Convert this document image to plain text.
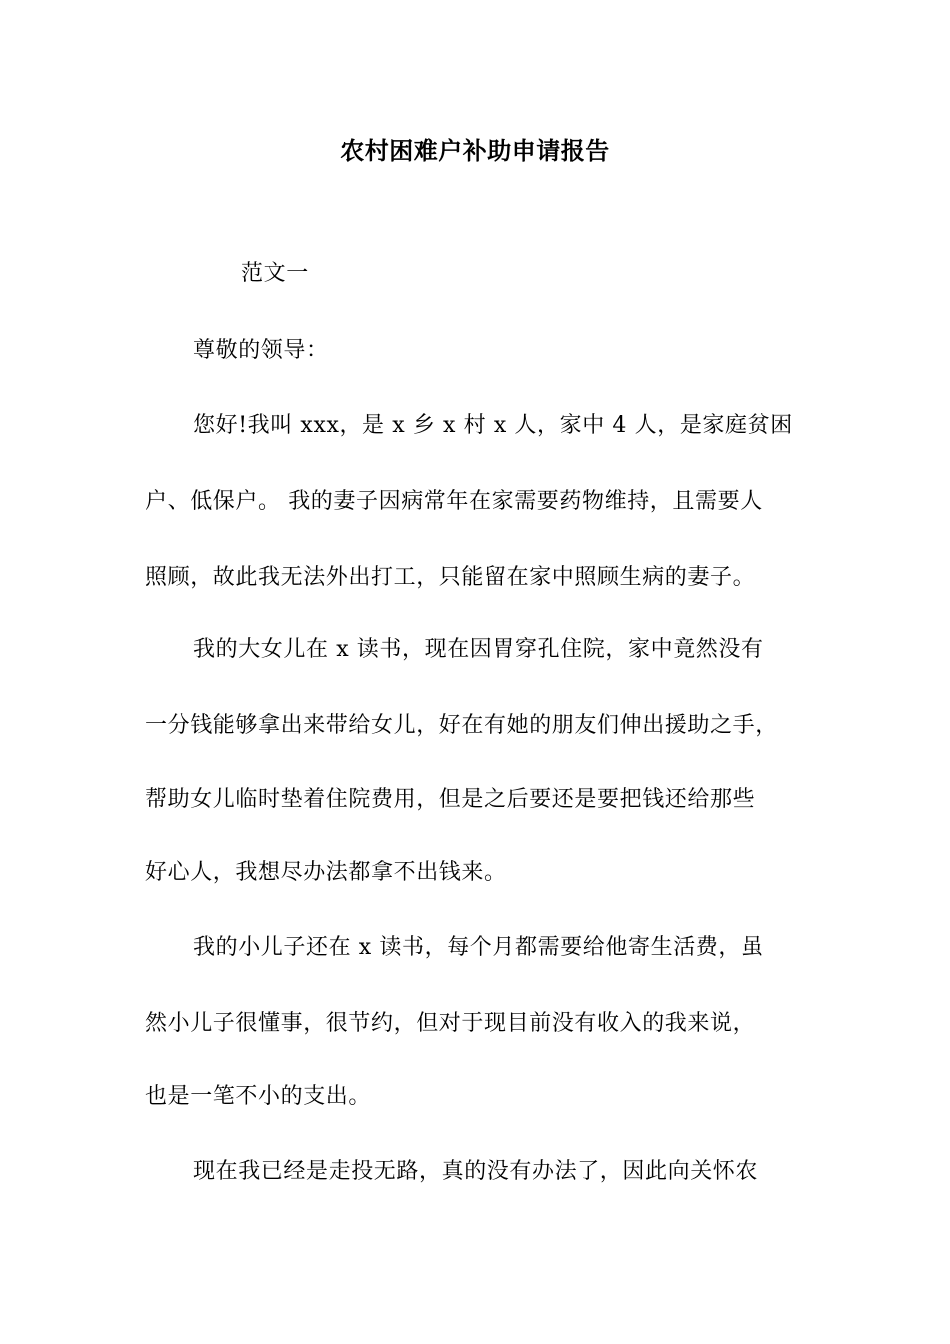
农村困难户补助申请报告
范文一
尊敬的领导：
您好!我叫 xxx，是 x 乡 x 村 x 人，家中 4 人，是家庭贫困
户、低保户。 我的妻子因病常年在家需要药物维持，且需要人
照顾，故此我无法外出打工，只能留在家中照顾生病的妻子。
我的大女儿在 x 读书，现在因胃穿孔住院，家中竟然没有
一分钱能够拿出来带给女儿，好在有她的朋友们伸出援助之手，
帮助女儿临时垫着住院费用，但是之后要还是要把钱还给那些
好心人，我想尽办法都拿不出钱来。
我的小儿子还在 x 读书，每个月都需要给他寄生活费，虽
然小儿子很懂事，很节约，但对于现目前没有收入的我来说，
也是一笔不小的支出。
现在我已经是走投无路，真的没有办法了，因此向关怀农
